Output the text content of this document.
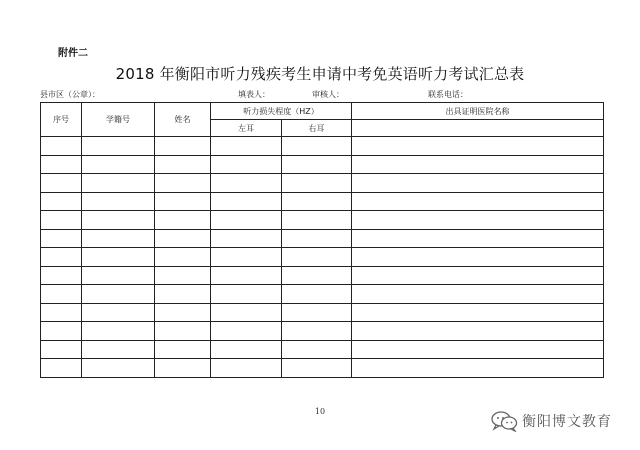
附件二
2018 年衡阳市听力残疾考生申请中考免英语听力考试汇总表
县市区（公章）：	填表人：	审核人：	联系电话：
序号	学籍号	姓名	听力损失程度（HZ）		出具证明医院名称
			左耳	右耳	

10
衡阳博文教育
